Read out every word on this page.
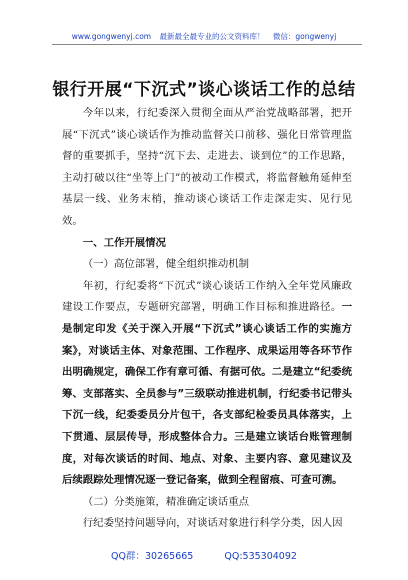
www.gongwenyj.com 最新最全最专业的公文资料库！ 微信：gongwenyj
银行开展“下沉式”谈心谈话工作的总结

今年以来，行纪委深入贯彻全面从严治党战略部署，把开展“下沉式”谈心谈话作为推动监督关口前移、强化日常管理监督的重要抓手，坚持“沉下去、走进去、谈到位”的工作思路，主动打破以往“坐等上门”的被动工作模式，将监督触角延伸至基层一线、业务末梢，推动谈心谈话工作走深走实、见行见效。

一、工作开展情况

（一）高位部署，健全组织推动机制

年初，行纪委将“下沉式”谈心谈话工作纳入全年党风廉政建设工作要点，专题研究部署，明确工作目标和推进路径。一是制定印发《关于深入开展“下沉式”谈心谈话工作的实施方案》，对谈话主体、对象范围、工作程序、成果运用等各环节作出明确规定，确保工作有章可循、有据可依。二是建立“纪委统筹、支部落实、全员参与”三级联动推进机制，行纪委书记带头下沉一线，纪委委员分片包干，各支部纪检委员具体落实，上下贯通、层层传导，形成整体合力。三是建立谈话台账管理制度，对每次谈话的时间、地点、对象、主要内容、意见建议及后续跟踪处理情况逐一登记备案，做到全程留痕、可查可溯。

（二）分类施策，精准确定谈话重点

行纪委坚持问题导向，对谈话对象进行科学分类，因人因

QQ群：30265665	QQ:535304092
